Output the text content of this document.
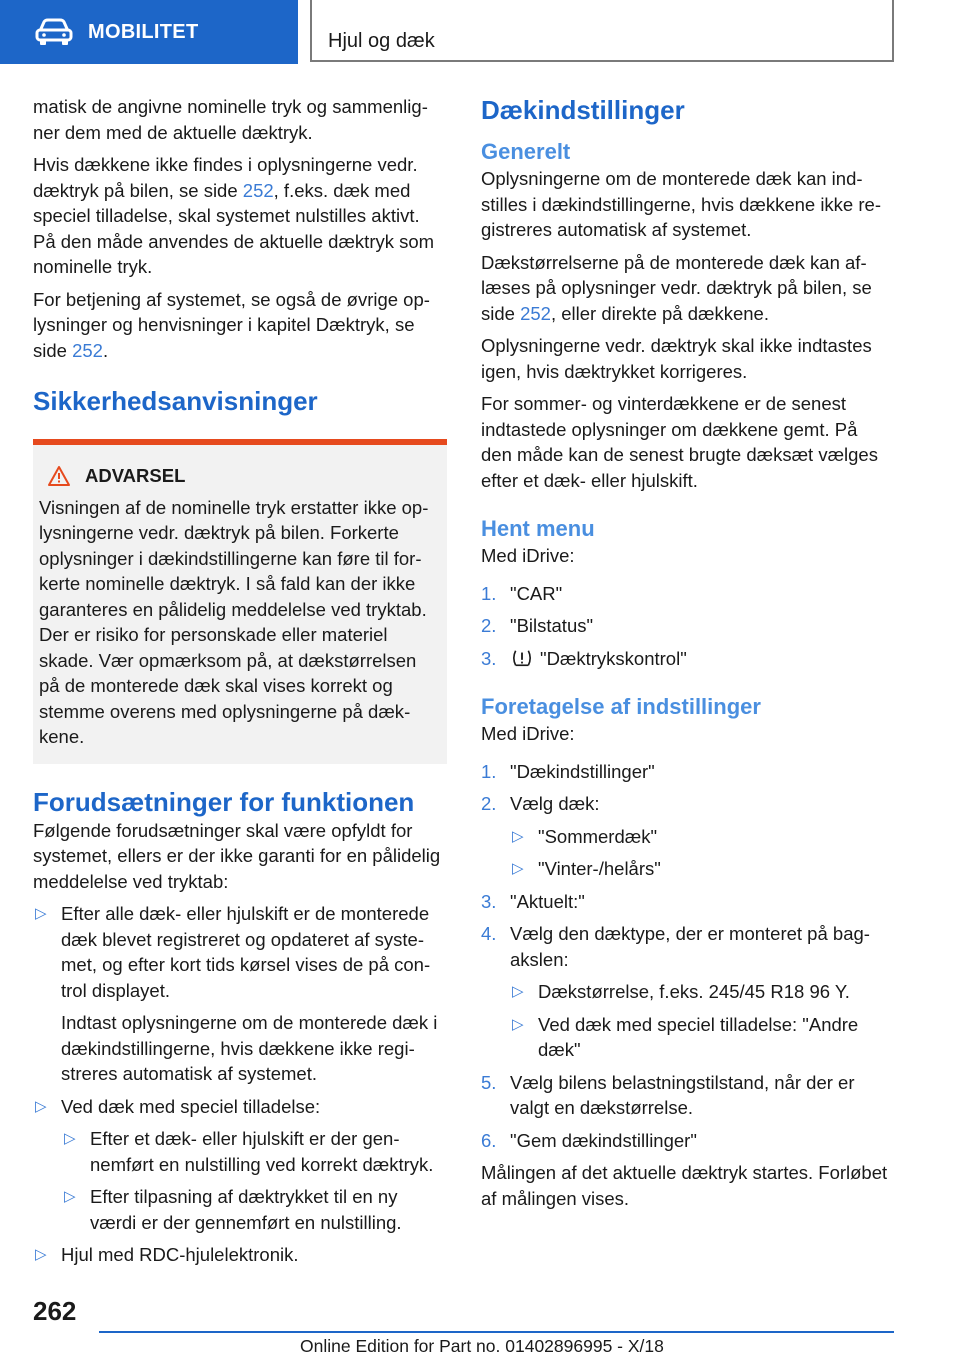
MOBILITET	Hjul og dæk

matisk de angivne nominelle tryk og sammenligner dem med de aktuelle dæktryk.

Hvis dækkene ikke findes i oplysningerne vedr. dæktryk på bilen, se side 252, f.eks. dæk med speciel tilladelse, skal systemet nulstilles aktivt. På den måde anvendes de aktuelle dæktryk som nominelle tryk.

For betjening af systemet, se også de øvrige oplysninger og henvisninger i kapitel Dæktryk, se side 252.

Sikkerhedsanvisninger
ADVARSEL
Visningen af de nominelle tryk erstatter ikke oplysningerne vedr. dæktryk på bilen. Forkerte oplysninger i dækindstillingerne kan føre til forkerte nominelle dæktryk. I så fald kan der ikke garanteres en pålidelig meddelelse ved tryktab. Der er risiko for personskade eller materiel skade. Vær opmærksom på, at dækstørrelsen på de monterede dæk skal vises korrekt og stemme overens med oplysningerne på dækkene.
Forudsætninger for funktionen

Følgende forudsætninger skal være opfyldt for systemet, ellers er der ikke garanti for en pålidelig meddelelse ved tryktab:

▷ Efter alle dæk- eller hjulskift er de monterede dæk blevet registreret og opdateret af systemet, og efter kort tids kørsel vises de på control displayet.
Indtast oplysningerne om de monterede dæk i dækindstillingerne, hvis dækkene ikke registreres automatisk af systemet.
▷ Ved dæk med speciel tilladelse:
▷ Efter et dæk- eller hjulskift er der gennemført en nulstilling ved korrekt dæktryk.
▷ Efter tilpasning af dæktrykket til en ny værdi er der gennemført en nulstilling.
▷ Hjul med RDC-hjulelektronik.
Dækindstillinger
Generelt

Oplysningerne om de monterede dæk kan indstilles i dækindstillingerne, hvis dækkene ikke registreres automatisk af systemet.

Dækstørrelserne på de monterede dæk kan aflæses på oplysninger vedr. dæktryk på bilen, se side 252, eller direkte på dækkene.

Oplysningerne vedr. dæktryk skal ikke indtastes igen, hvis dæktrykket korrigeres.

For sommer- og vinterdækkene er de senest indtastede oplysninger om dækkene gemt. På den måde kan de senest brugte dæksæt vælges efter et dæk- eller hjulskift.

Hent menu

Med iDrive:

1. "CAR"
2. "Bilstatus"
3. "Dæktrykskontrol"
Foretagelse af indstillinger

Med iDrive:

1. "Dækindstillinger"
2. Vælg dæk:
▷ "Sommerdæk"
▷ "Vinter-/helårs"
3. "Aktuelt:"
4. Vælg den dæktype, der er monteret på bagakslen:
▷ Dækstørrelse, f.eks. 245/45 R18 96 Y.
▷ Ved dæk med speciel tilladelse: "Andre dæk"
5. Vælg bilens belastningstilstand, når der er valgt en dækstørrelse.
6. "Gem dækindstillinger"

Målingen af det aktuelle dæktryk startes. Forløbet af målingen vises.

262
Online Edition for Part no. 01402896995 - X/18
